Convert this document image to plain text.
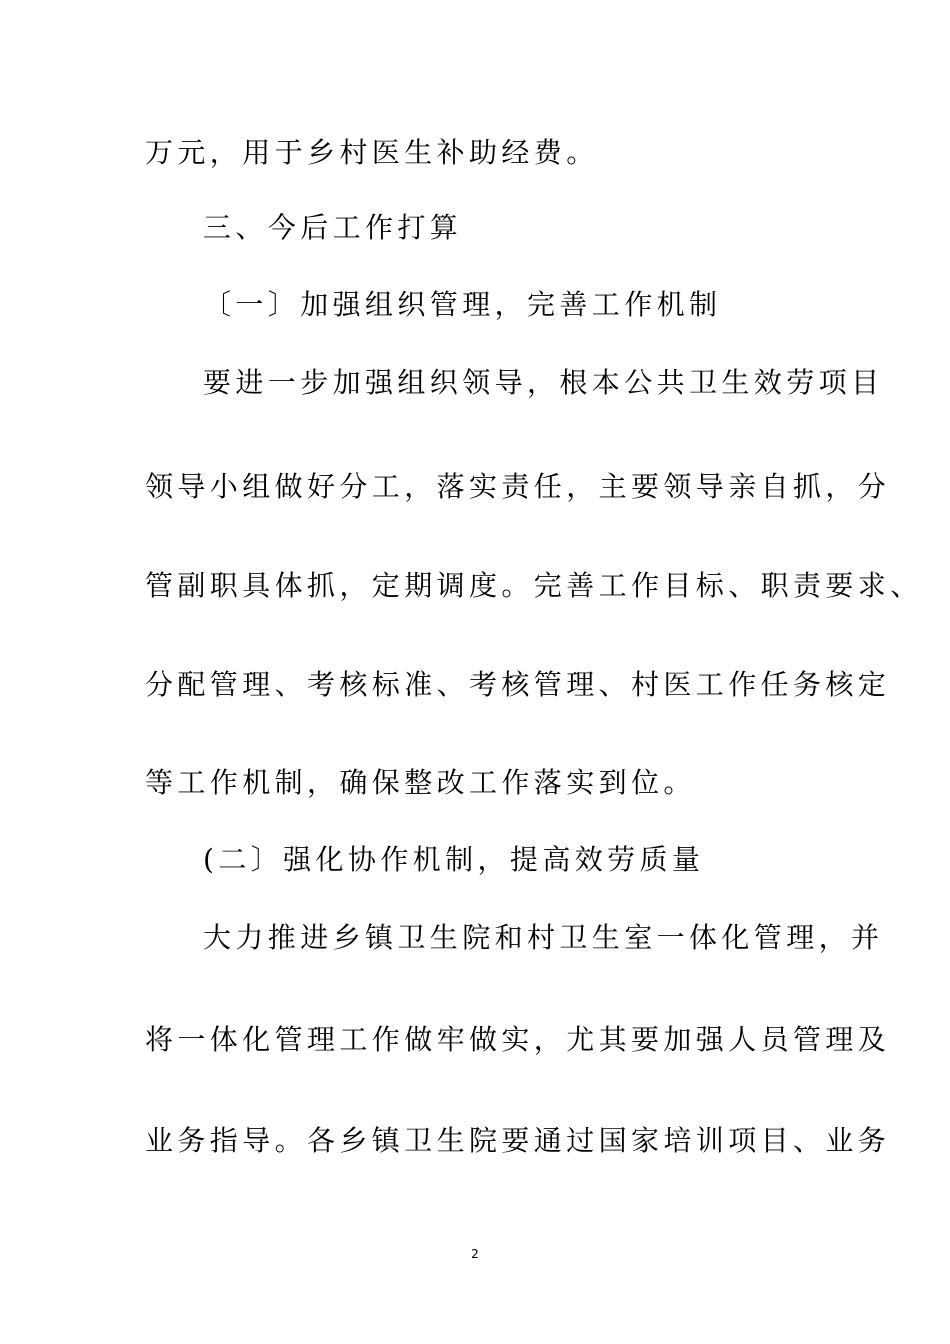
万元，用于乡村医生补助经费。
三、今后工作打算
〔一〕加强组织管理，完善工作机制
要进一步加强组织领导，根本公共卫生效劳项目
领导小组做好分工，落实责任，主要领导亲自抓，分
管副职具体抓，定期调度。完善工作目标、职责要求、
分配管理、考核标准、考核管理、村医工作任务核定
等工作机制，确保整改工作落实到位。
(二〕强化协作机制，提高效劳质量
大力推进乡镇卫生院和村卫生室一体化管理，并
将一体化管理工作做牢做实，尤其要加强人员管理及
业务指导。各乡镇卫生院要通过国家培训项目、业务
2
